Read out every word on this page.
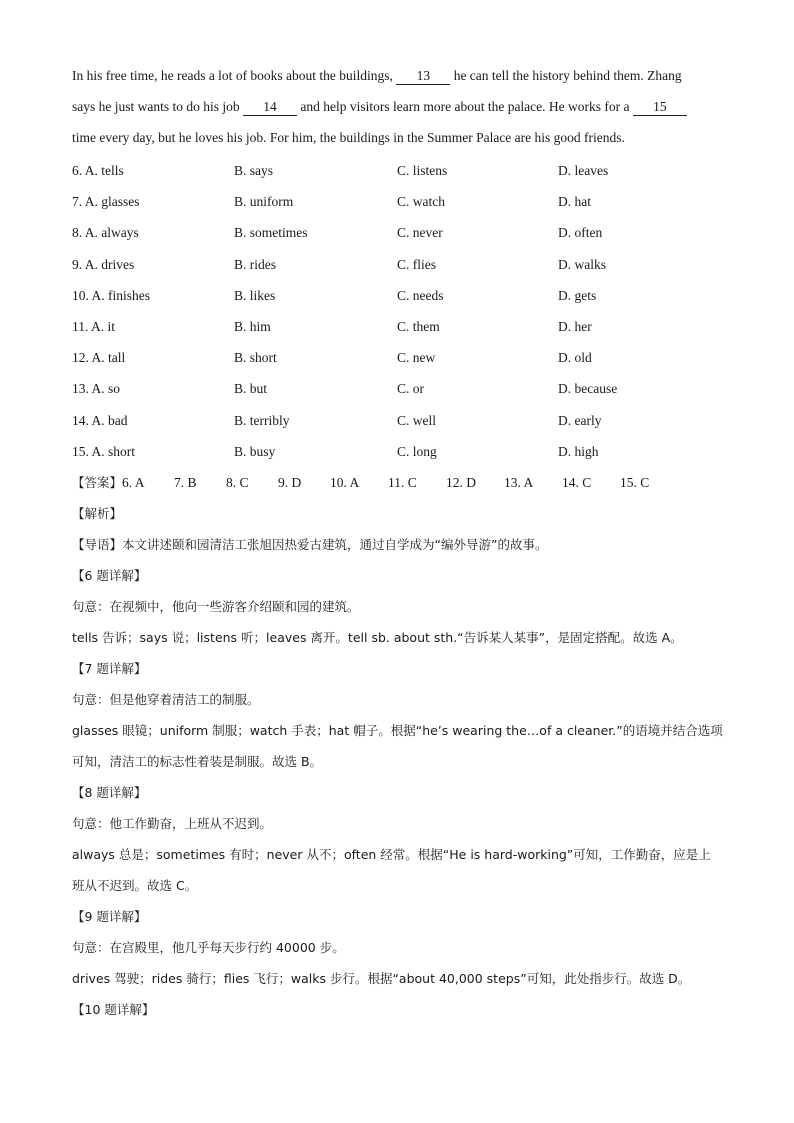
In his free time, he reads a lot of books about the buildings, 13 he can tell the history behind them. Zhang

says he just wants to do his job 14 and help visitors learn more about the palace. He works for a 15

time every day, but he loves his job. For him, the buildings in the Summer Palace are his good friends.

6. A. tells	B. says	C. listens	D. leaves
7. A. glasses	B. uniform	C. watch	D. hat
8. A. always	B. sometimes	C. never	D. often
9. A. drives	B. rides	C. flies	D. walks
10. A. finishes	B. likes	C. needs	D. gets
11. A. it	B. him	C. them	D. her
12. A. tall	B. short	C. new	D. old
13. A. so	B. but	C. or	D. because
14. A. bad	B. terribly	C. well	D. early
15. A. short	B. busy	C. long	D. high
【答案】6. A 7. B 8. C 9. D 10. A 11. C 12. D 13. A 14. C 15. C

【解析】

【导语】本文讲述颐和园清洁工张旭因热爱古建筑，通过自学成为“编外导游”的故事。

【6 题详解】

句意：在视频中，他向一些游客介绍颐和园的建筑。

tells 告诉；says 说；listens 听；leaves 离开。tell sb. about sth.“告诉某人某事”，是固定搭配。故选 A。

【7 题详解】

句意：但是他穿着清洁工的制服。

glasses 眼镜；uniform 制服；watch 手表；hat 帽子。根据“he’s wearing the…of a cleaner.”的语境并结合选项

可知，清洁工的标志性着装是制服。故选 B。

【8 题详解】

句意：他工作勤奋，上班从不迟到。

always 总是；sometimes 有时；never 从不；often 经常。根据“He is hard-working”可知，工作勤奋，应是上

班从不迟到。故选 C。

【9 题详解】

句意：在宫殿里，他几乎每天步行约 40000 步。

drives 驾驶；rides 骑行；flies 飞行；walks 步行。根据“about 40,000 steps”可知，此处指步行。故选 D。

【10 题详解】
